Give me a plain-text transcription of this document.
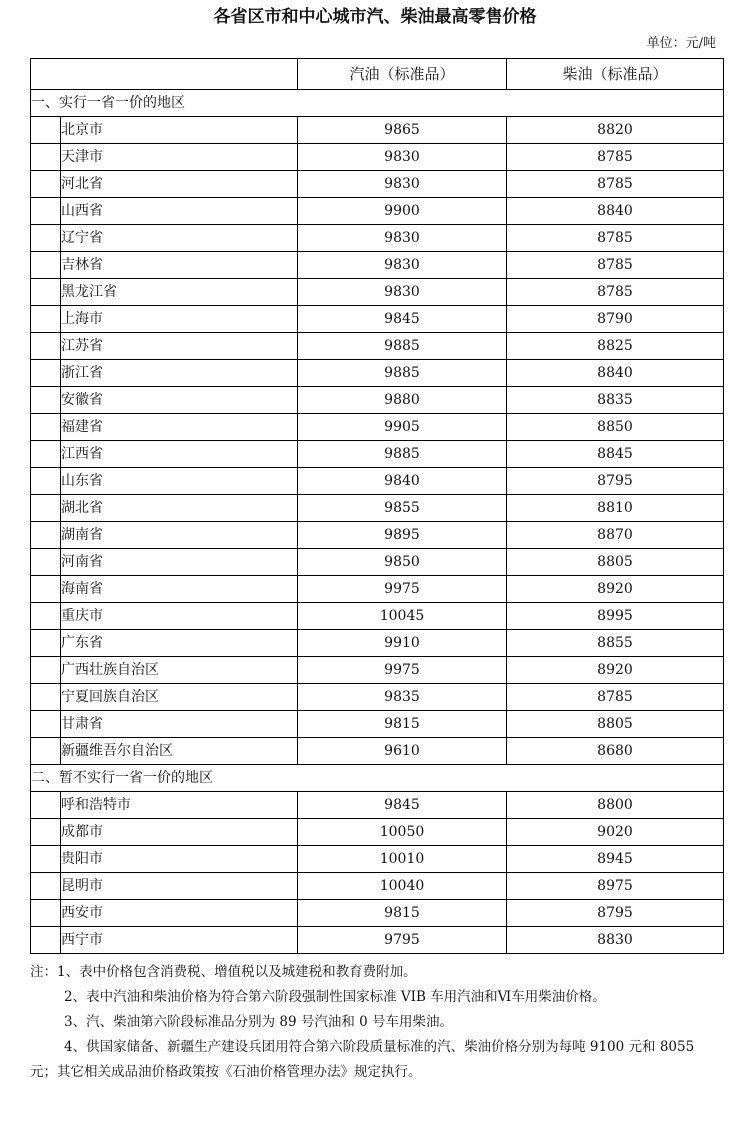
各省区市和中心城市汽、柴油最高零售价格
单位：元/吨
		汽油（标准品）	柴油（标准品）
一、实行一省一价的地区			
	北京市	9865	8820
	天津市	9830	8785
	河北省	9830	8785
	山西省	9900	8840
	辽宁省	9830	8785
	吉林省	9830	8785
	黑龙江省	9830	8785
	上海市	9845	8790
	江苏省	9885	8825
	浙江省	9885	8840
	安徽省	9880	8835
	福建省	9905	8850
	江西省	9885	8845
	山东省	9840	8795
	湖北省	9855	8810
	湖南省	9895	8870
	河南省	9850	8805
	海南省	9975	8920
	重庆市	10045	8995
	广东省	9910	8855
	广西壮族自治区	9975	8920
	宁夏回族自治区	9835	8785
	甘肃省	9815	8805
	新疆维吾尔自治区	9610	8680
二、暂不实行一省一价的地区			
	呼和浩特市	9845	8800
	成都市	10050	9020
	贵阳市	10010	8945
	昆明市	10040	8975
	西安市	9815	8795
	西宁市	9795	8830

注：1、表中价格包含消费税、增值税以及城建税和教育费附加。

2、表中汽油和柴油价格为符合第六阶段强制性国家标准 VIB 车用汽油和Ⅵ车用柴油价格。

3、汽、柴油第六阶段标准品分别为 89 号汽油和 0 号车用柴油。

4、供国家储备、新疆生产建设兵团用符合第六阶段质量标准的汽、柴油价格分别为每吨 9100 元和 8055 元；其它相关成品油价格政策按《石油价格管理办法》规定执行。
